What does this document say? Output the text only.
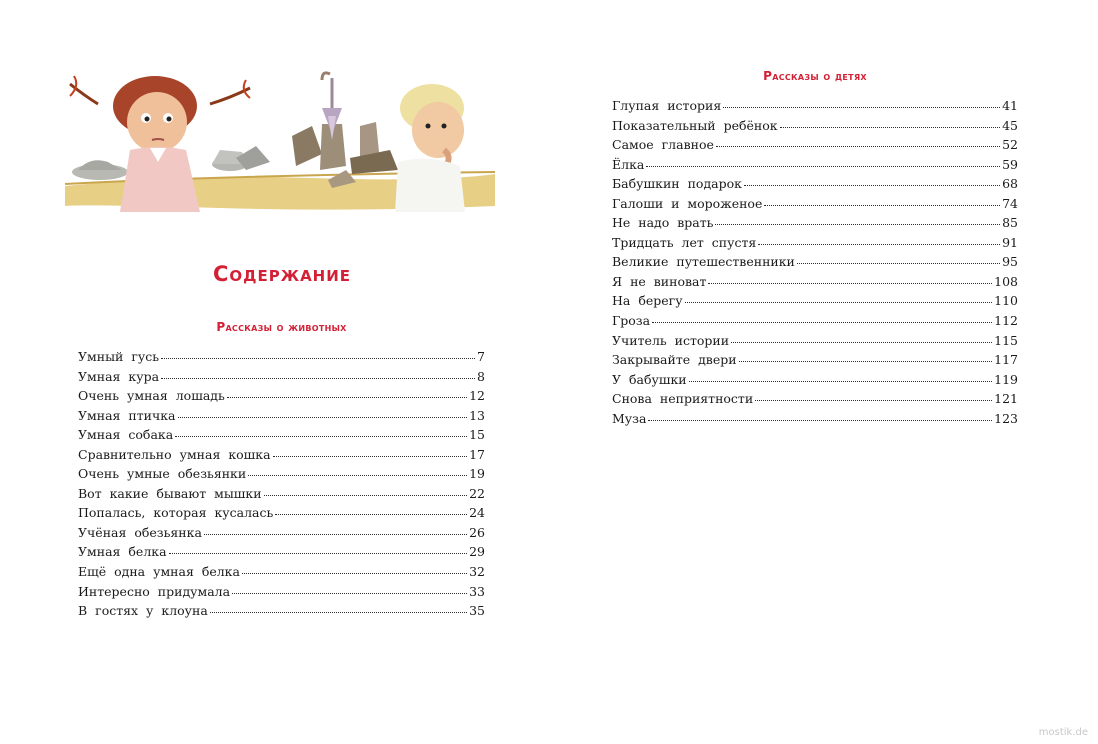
Содержание
Рассказы о животных
Умный гусь	7
Умная кура	8
Очень умная лошадь	12
Умная птичка	13
Умная собака	15
Сравнительно умная кошка	17
Очень умные обезьянки	19
Вот какие бывают мышки	22
Попалась, которая кусалась	24
Учёная обезьянка	26
Умная белка	29
Ещё одна умная белка	32
Интересно придумала	33
В гостях у клоуна	35
Рассказы о детях
Глупая история	41
Показательный ребёнок	45
Самое главное	52
Ёлка	59
Бабушкин подарок	68
Галоши и мороженое	74
Не надо врать	85
Тридцать лет спустя	91
Великие путешественники	95
Я не виноват	108
На берегу	110
Гроза	112
Учитель истории	115
Закрывайте двери	117
У бабушки	119
Снова неприятности	121
Муза	123
mostik.de
